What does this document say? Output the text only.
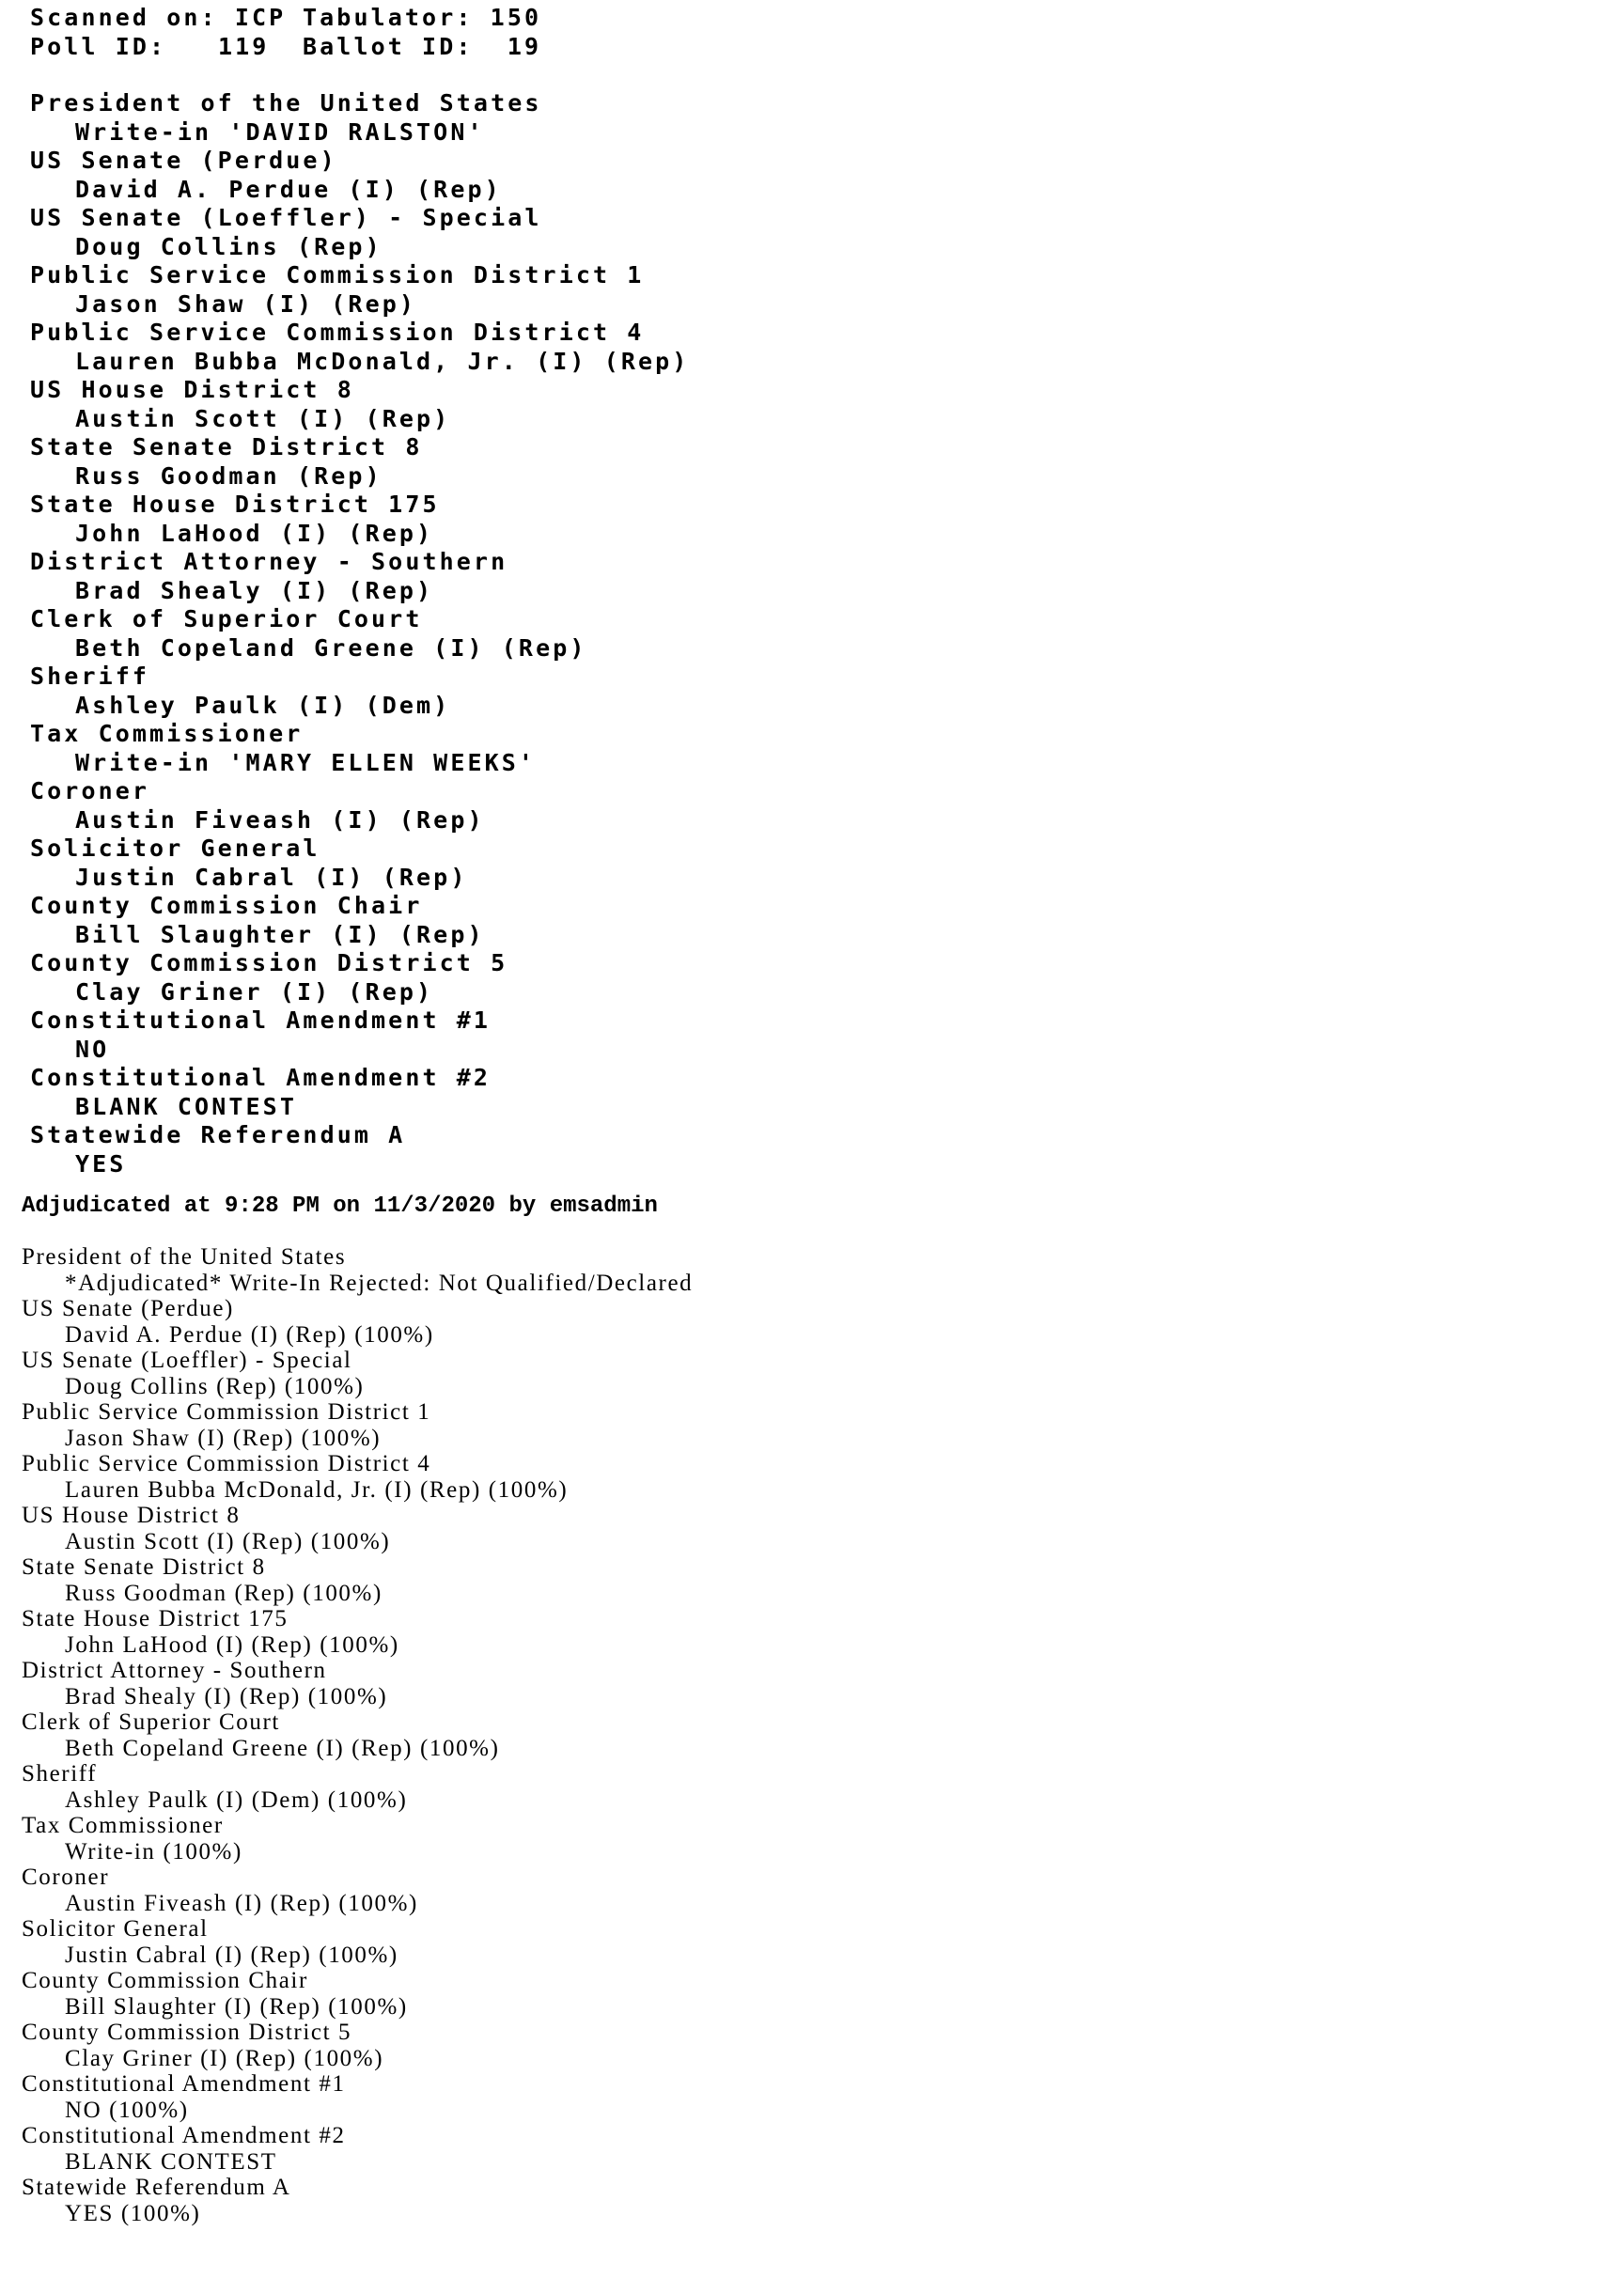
Scanned on: ICP Tabulator: 150
Poll ID: 119 Ballot ID: 19
President of the United States
Write-in 'DAVID RALSTON'
US Senate (Perdue)
David A. Perdue (I) (Rep)
US Senate (Loeffler) - Special
Doug Collins (Rep)
Public Service Commission District 1
Jason Shaw (I) (Rep)
Public Service Commission District 4
Lauren Bubba McDonald, Jr. (I) (Rep)
US House District 8
Austin Scott (I) (Rep)
State Senate District 8
Russ Goodman (Rep)
State House District 175
John LaHood (I) (Rep)
District Attorney - Southern
Brad Shealy (I) (Rep)
Clerk of Superior Court
Beth Copeland Greene (I) (Rep)
Sheriff
Ashley Paulk (I) (Dem)
Tax Commissioner
Write-in 'MARY ELLEN WEEKS'
Coroner
Austin Fiveash (I) (Rep)
Solicitor General
Justin Cabral (I) (Rep)
County Commission Chair
Bill Slaughter (I) (Rep)
County Commission District 5
Clay Griner (I) (Rep)
Constitutional Amendment #1
NO
Constitutional Amendment #2
BLANK CONTEST
Statewide Referendum A
YES
Adjudicated at 9:28 PM on 11/3/2020 by emsadmin
President of the United States
*Adjudicated* Write-In Rejected: Not Qualified/Declared
US Senate (Perdue)
David A. Perdue (I) (Rep) (100%)
US Senate (Loeffler) - Special
Doug Collins (Rep) (100%)
Public Service Commission District 1
Jason Shaw (I) (Rep) (100%)
Public Service Commission District 4
Lauren Bubba McDonald, Jr. (I) (Rep) (100%)
US House District 8
Austin Scott (I) (Rep) (100%)
State Senate District 8
Russ Goodman (Rep) (100%)
State House District 175
John LaHood (I) (Rep) (100%)
District Attorney - Southern
Brad Shealy (I) (Rep) (100%)
Clerk of Superior Court
Beth Copeland Greene (I) (Rep) (100%)
Sheriff
Ashley Paulk (I) (Dem) (100%)
Tax Commissioner
Write-in (100%)
Coroner
Austin Fiveash (I) (Rep) (100%)
Solicitor General
Justin Cabral (I) (Rep) (100%)
County Commission Chair
Bill Slaughter (I) (Rep) (100%)
County Commission District 5
Clay Griner (I) (Rep) (100%)
Constitutional Amendment #1
NO (100%)
Constitutional Amendment #2
BLANK CONTEST
Statewide Referendum A
YES (100%)
